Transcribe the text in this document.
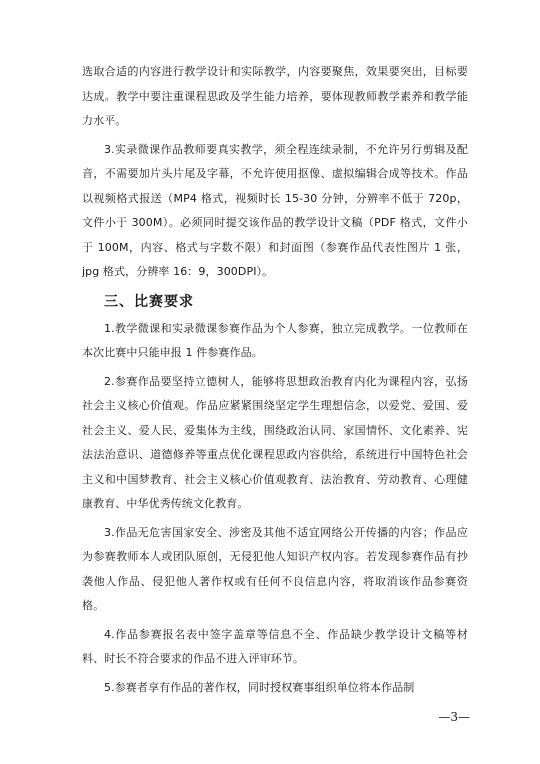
选取合适的内容进行教学设计和实际教学，内容要聚焦，效果要突出，目标要达成。教学中要注重课程思政及学生能力培养，要体现教师教学素养和教学能力水平。

3.实录微课作品教师要真实教学，须全程连续录制，不允许另行剪辑及配音，不需要加片头片尾及字幕，不允许使用抠像、虚拟编辑合成等技术。作品以视频格式报送（MP4 格式，视频时长 15-30 分钟，分辨率不低于 720p，文件小于 300M）。必须同时提交该作品的教学设计文稿（PDF 格式，文件小于 100M，内容、格式与字数不限）和封面图（参赛作品代表性图片 1 张，jpg 格式，分辨率 16：9，300DPI）。

三、比赛要求

1.教学微课和实录微课参赛作品为个人参赛，独立完成教学。一位教师在本次比赛中只能申报 1 件参赛作品。

2.参赛作品要坚持立德树人，能够将思想政治教育内化为课程内容，弘扬社会主义核心价值观。作品应紧紧围绕坚定学生理想信念，以爱党、爱国、爱社会主义、爱人民、爱集体为主线，围绕政治认同、家国情怀、文化素养、宪法法治意识、道德修养等重点优化课程思政内容供给，系统进行中国特色社会主义和中国梦教育、社会主义核心价值观教育、法治教育、劳动教育、心理健康教育、中华优秀传统文化教育。

3.作品无危害国家安全、涉密及其他不适宜网络公开传播的内容；作品应为参赛教师本人或团队原创，无侵犯他人知识产权内容。若发现参赛作品有抄袭他人作品、侵犯他人著作权或有任何不良信息内容，将取消该作品参赛资格。

4.作品参赛报名表中签字盖章等信息不全、作品缺少教学设计文稿等材料、时长不符合要求的作品不进入评审环节。

5.参赛者享有作品的著作权，同时授权赛事组织单位将本作品制

—3—
